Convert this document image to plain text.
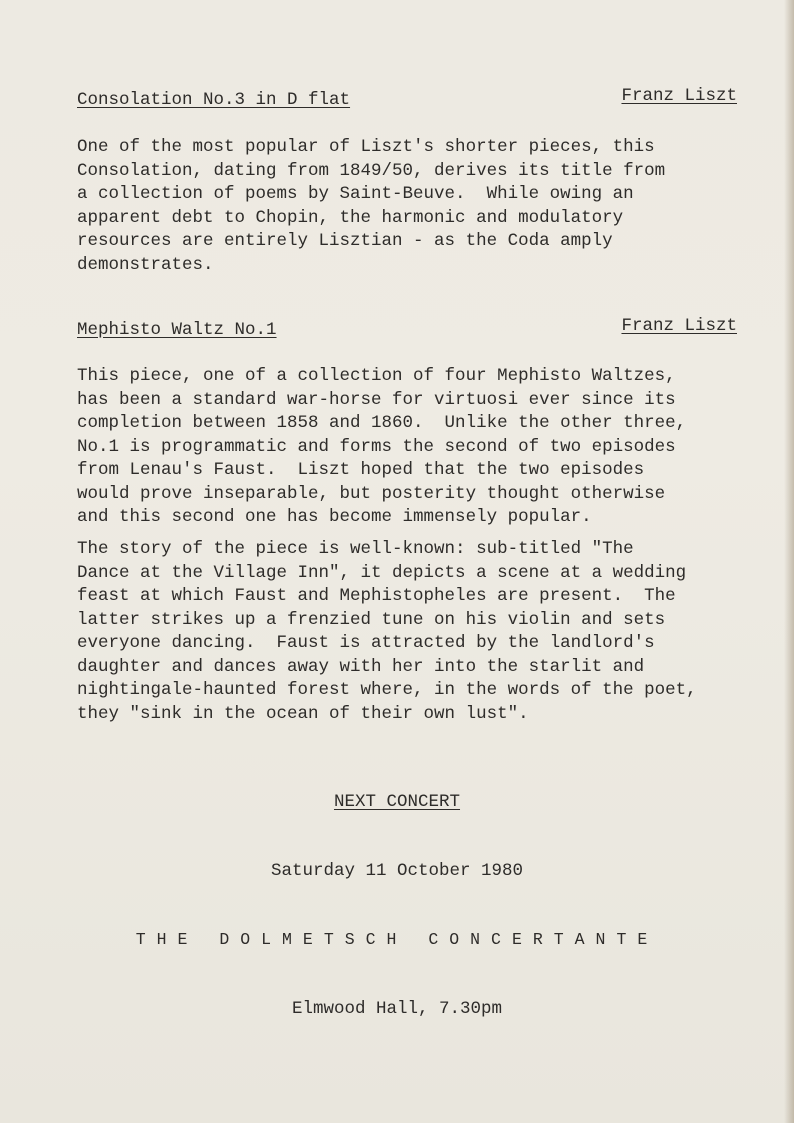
Consolation No.3 in D flat	Franz Liszt
One of the most popular of Liszt's shorter pieces, this
Consolation, dating from 1849/50, derives its title from
a collection of poems by Saint-Beuve.  While owing an
apparent debt to Chopin, the harmonic and modulatory
resources are entirely Lisztian - as the Coda amply
demonstrates.
Mephisto Waltz No.1	Franz Liszt
This piece, one of a collection of four Mephisto Waltzes,
has been a standard war-horse for virtuosi ever since its
completion between 1858 and 1860.  Unlike the other three,
No.1 is programmatic and forms the second of two episodes
from Lenau's Faust.  Liszt hoped that the two episodes
would prove inseparable, but posterity thought otherwise
and this second one has become immensely popular.
The story of the piece is well-known: sub-titled "The
Dance at the Village Inn", it depicts a scene at a wedding
feast at which Faust and Mephistopheles are present.  The
latter strikes up a frenzied tune on his violin and sets
everyone dancing.  Faust is attracted by the landlord's
daughter and dances away with her into the starlit and
nightingale-haunted forest where, in the words of the poet,
they "sink in the ocean of their own lust".
NEXT CONCERT
Saturday 11 October 1980
THE DOLMETSCH CONCERTANTE
Elmwood Hall, 7.30pm
